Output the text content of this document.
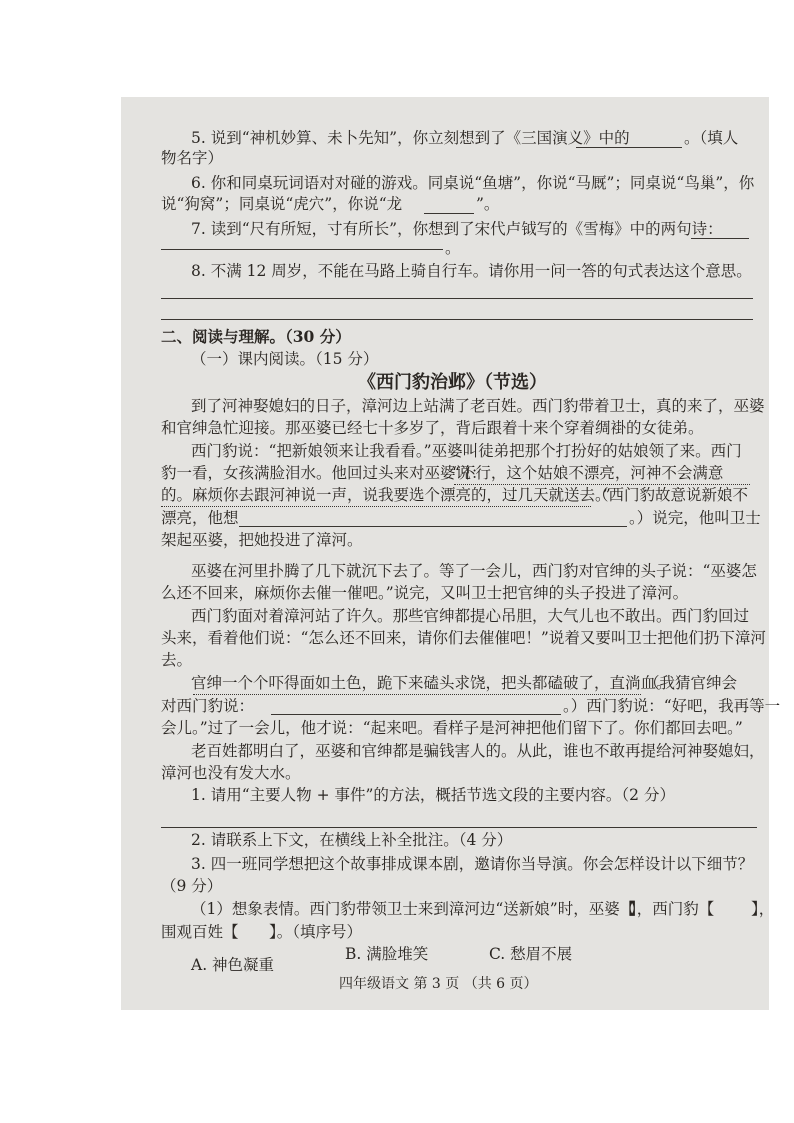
5. 说到“神机妙算、未卜先知”，你立刻想到了《三国演义》中的	。（填人
物名字）
6. 你和同桌玩词语对对碰的游戏。同桌说“鱼塘”，你说“马厩”；同桌说“鸟巢”，你
说“狗窝”；同桌说“虎穴”，你说“龙	”。
7. 读到“尺有所短，寸有所长”，你想到了宋代卢钺写的《雪梅》中的两句诗：
。
8. 不满 12 周岁，不能在马路上骑自行车。请你用一问一答的句式表达这个意思。
二、阅读与理解。（30 分）
（一）课内阅读。（15 分）
《西门豹治邺》（节选）
到了河神娶媳妇的日子，漳河边上站满了老百姓。西门豹带着卫士，真的来了，巫婆
和官绅急忙迎接。那巫婆已经七十多岁了，背后跟着十来个穿着绸褂的女徒弟。
西门豹说：“把新娘领来让我看看。”巫婆叫徒弟把那个打扮好的姑娘领了来。西门
豹一看，女孩满脸泪水。他回过头来对巫婆说：
“不行，这个姑娘不漂亮，河神不会满意
的。麻烦你去跟河神说一声，说我要选个漂亮的，过几天就送去。”
（西门豹故意说新娘不
漂亮，他想	。）说完，他叫卫士
架起巫婆，把她投进了漳河。
巫婆在河里扑腾了几下就沉下去了。等了一会儿，西门豹对官绅的头子说：“巫婆怎
么还不回来，麻烦你去催一催吧。”说完，又叫卫士把官绅的头子投进了漳河。
西门豹面对着漳河站了许久。那些官绅都提心吊胆，大气儿也不敢出。西门豹回过
头来，看着他们说：“怎么还不回来，请你们去催催吧！”说着又要叫卫士把他们扔下漳河
去。
官绅一个个吓得面如土色，跪下来磕头求饶，把头都磕破了，直淌血。
（我猜官绅会
对西门豹说：	。）西门豹说：“好吧，我再等一
会儿。”过了一会儿，他才说：“起来吧。看样子是河神把他们留下了。你们都回去吧。”
老百姓都明白了，巫婆和官绅都是骗钱害人的。从此，谁也不敢再提给河神娶媳妇，
漳河也没有发大水。
1. 请用“主要人物 + 事件”的方法，概括节选文段的主要内容。（2 分）
2. 请联系上下文，在横线上补全批注。（4 分）
3. 四一班同学想把这个故事排成课本剧，邀请你当导演。你会怎样设计以下细节？
（9 分）
（1）想象表情。西门豹带领卫士来到漳河边“送新娘”时，巫婆【
】，西门豹【 】，
围观百姓【 】。（填序号）
A. 神色凝重
B. 满脸堆笑	C. 愁眉不展
四年级语文 第 3 页 （共 6 页）
